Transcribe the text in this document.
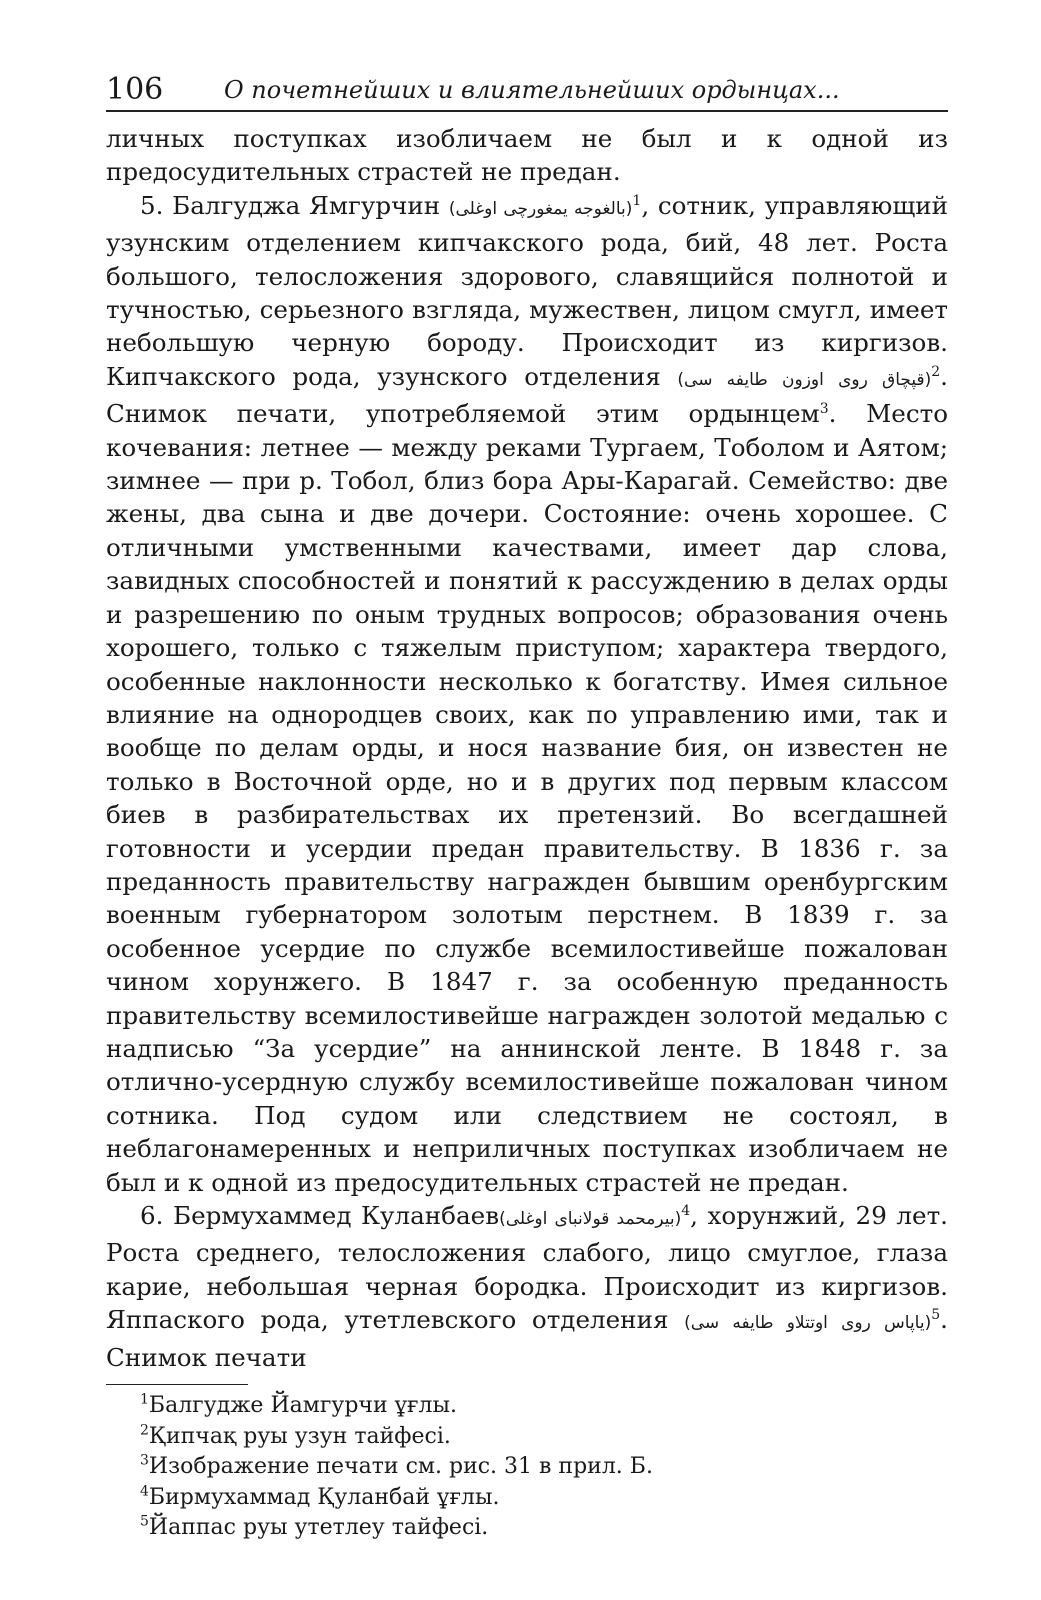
106	О почетнейших и влиятельнейших ордынцах...

личных поступках изобличаем не был и к одной из предосудительных страстей не предан.

5. Балгуджа Ямгурчин (بالغوجه یمغورچی اوغلی)$^1$, сотник, управляющий узунским отделением кипчакского рода, бий, 48 лет. Роста большого, телосложения здорового, славящийся полнотой и тучностью, серьезного взгляда, мужествен, лицом смугл, имеет небольшую черную бороду. Происходит из киргизов. Кипчакского рода, узунского отделения (قپچاق روی اوزون طایفه سی)$^2$. Снимок печати, употребляемой этим ордынцем$^3$. Место кочевания: летнее — между реками Тургаем, Тоболом и Аятом; зимнее — при р. Тобол, близ бора Ары-Карагай. Семейство: две жены, два сына и две дочери. Состояние: очень хорошее. С отличными умственными качествами, имеет дар слова, завидных способностей и понятий к рассуждению в делах орды и разрешению по оным трудных вопросов; образования очень хорошего, только с тяжелым приступом; характера твердого, особенные наклонности несколько к богатству. Имея сильное влияние на однородцев своих, как по управлению ими, так и вообще по делам орды, и нося название бия, он известен не только в Восточной орде, но и в других под первым классом биев в разбирательствах их претензий. Во всегдашней готовности и усердии предан правительству. В 1836 г. за преданность правительству награжден бывшим оренбургским военным губернатором золотым перстнем. В 1839 г. за особенное усердие по службе всемилостивейше пожалован чином хорунжего. В 1847 г. за особенную преданность правительству всемилостивейше награжден золотой медалью с надписью “За усердие” на аннинской ленте. В 1848 г. за отлично-усердную службу всемилостивейше пожалован чином сотника. Под судом или следствием не состоял, в неблагонамеренных и неприличных поступках изобличаем не был и к одной из предосудительных страстей не предан.

6. Бермухаммед Куланбаев(بیرمحمد قولانبای اوغلی)$^4$, хорунжий, 29 лет. Роста среднего, телосложения слабого, лицо смуглое, глаза карие, небольшая черная бородка. Происходит из киргизов. Яппаского рода, утетлевского отделения (یاپاس روی اوتتلاو طایفه سی)$^5$. Снимок печати

$^1$Балгудже Йамгурчи ұғлы.
$^2$Қипчақ руы узун тайфесі.
$^3$Изображение печати см. рис. 31 в прил. Б.
$^4$Бирмухаммад Қуланбай ұғлы.
$^5$Йаппас руы утетлеу тайфесі.
